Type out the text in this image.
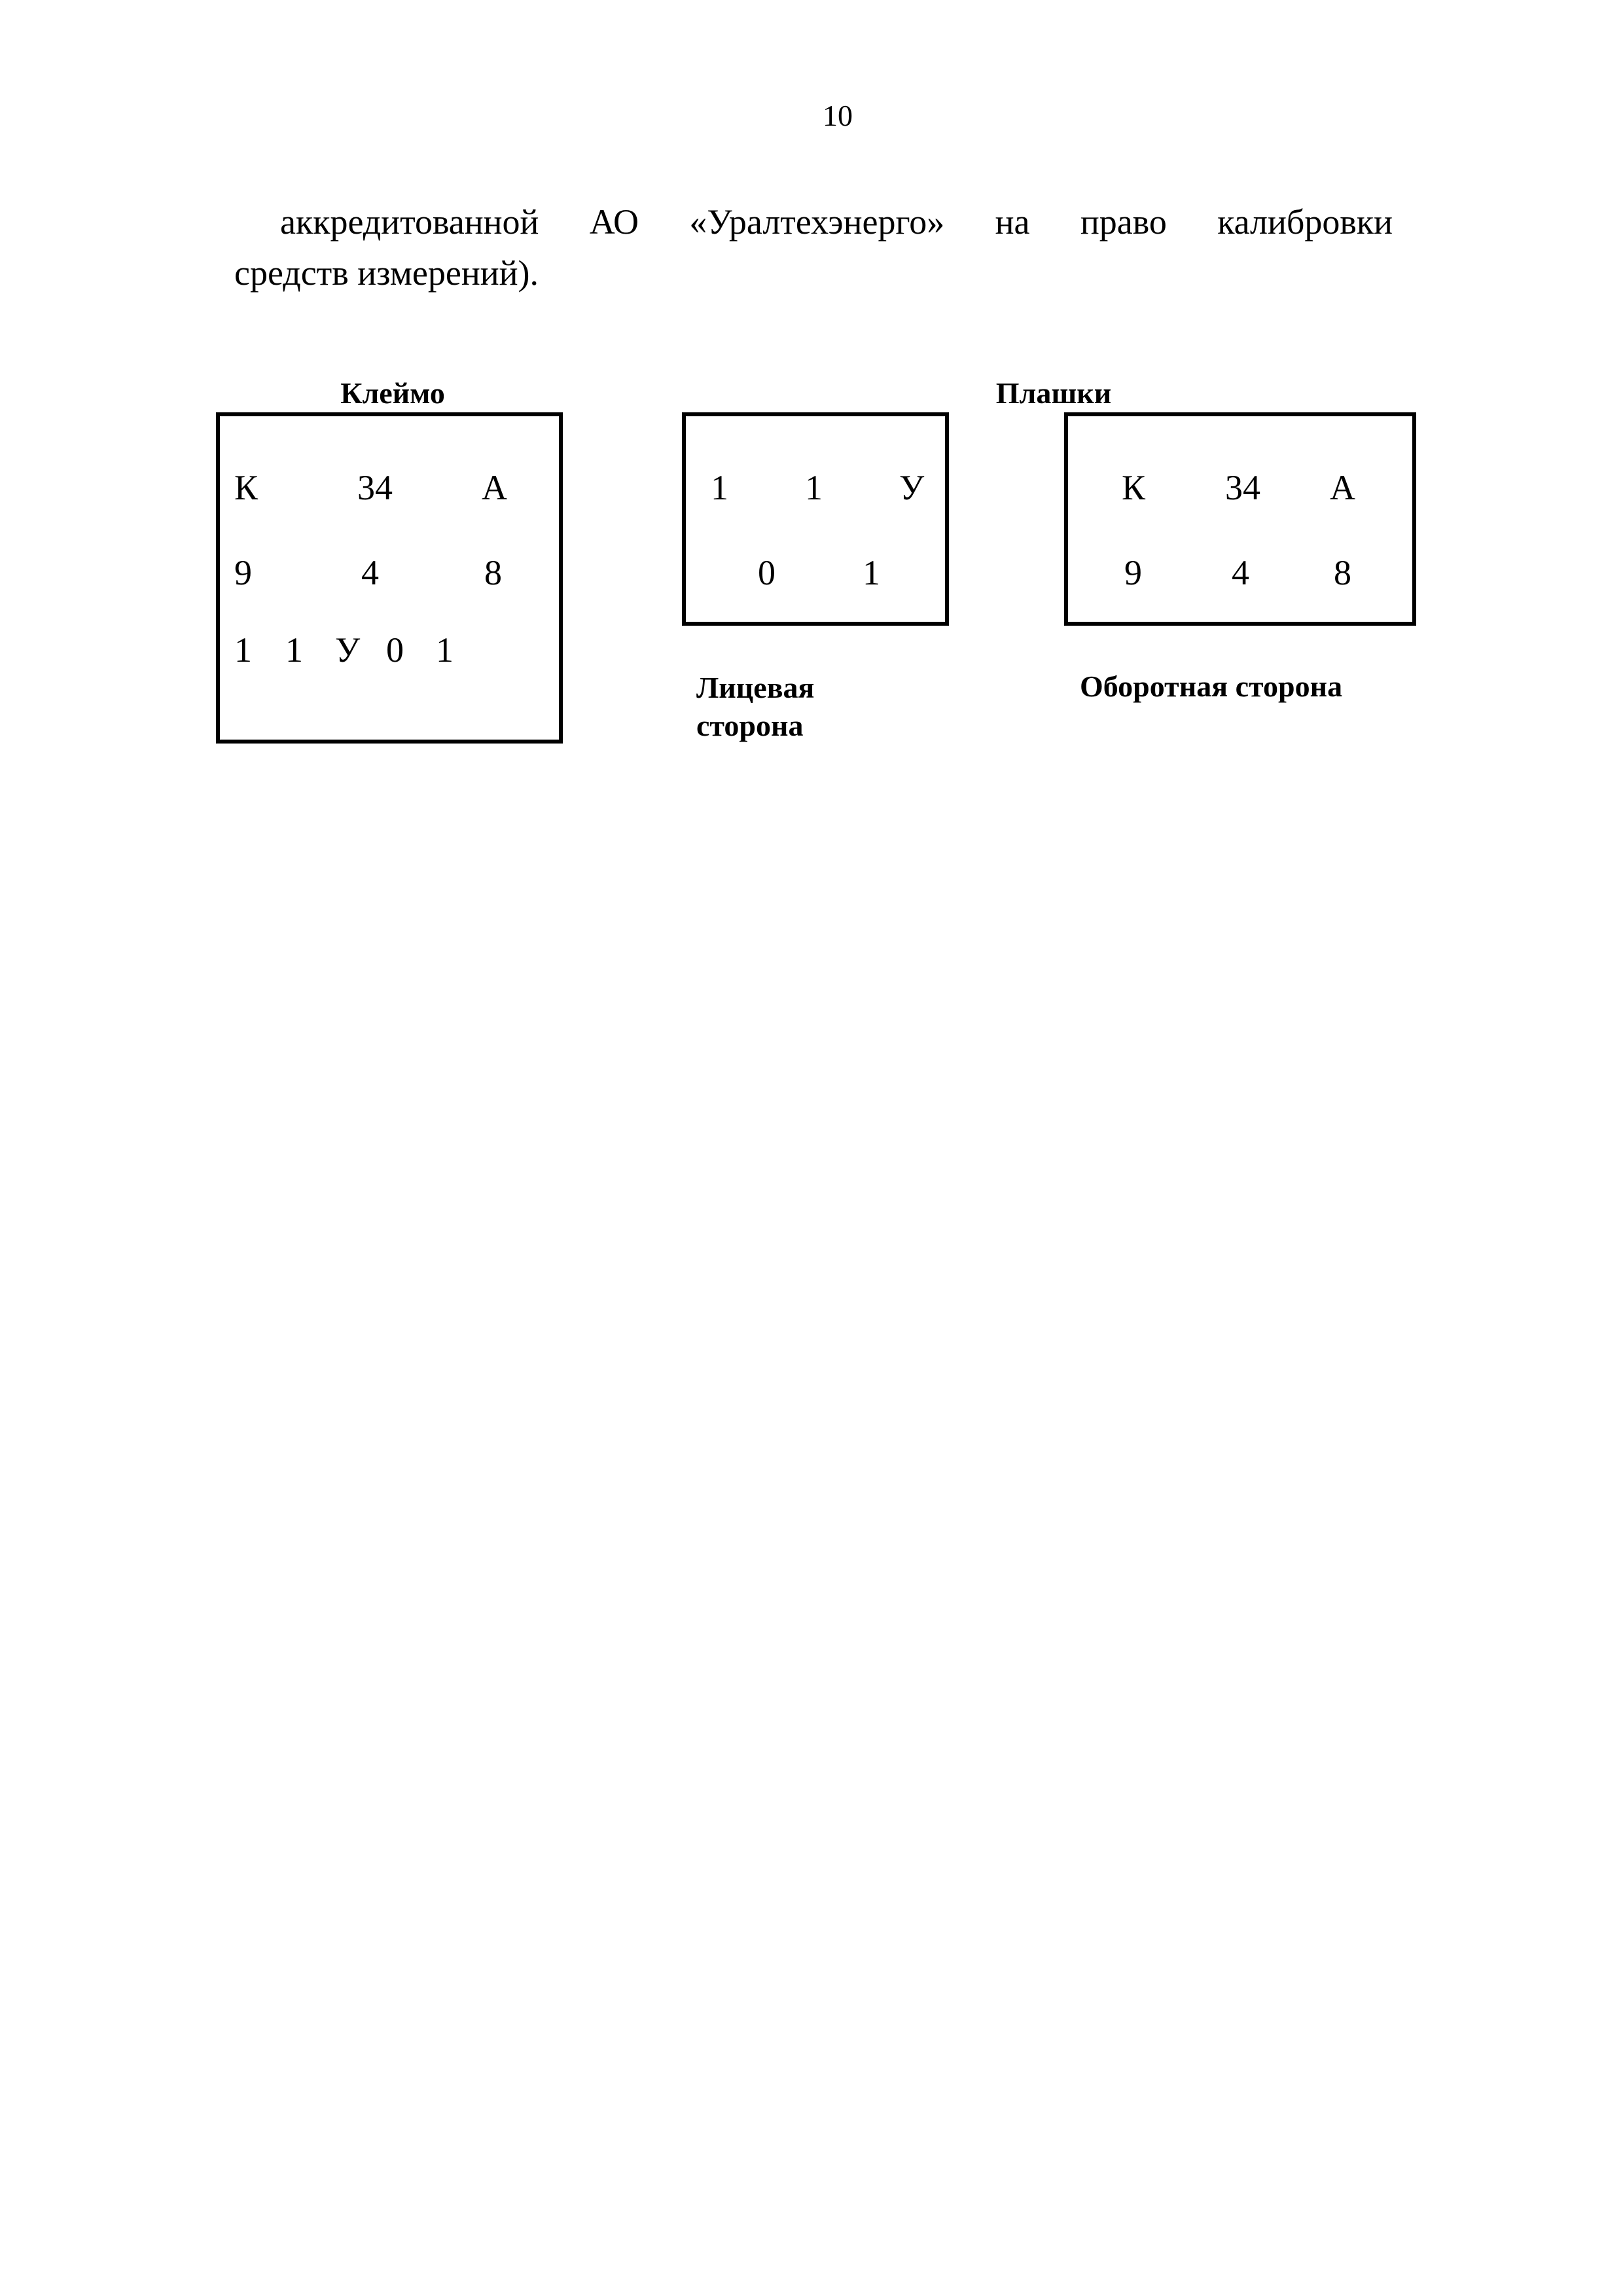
10
аккредитованной АО «Уралтехэнерго» на право калибровки
средств измерений).
Клеймо
К	34	А
9	4	8
1 1 У 0 1
Плашки
1 1 У
0 1
Лицевая сторона
К 34 А
9	4 8
Оборотная сторона
